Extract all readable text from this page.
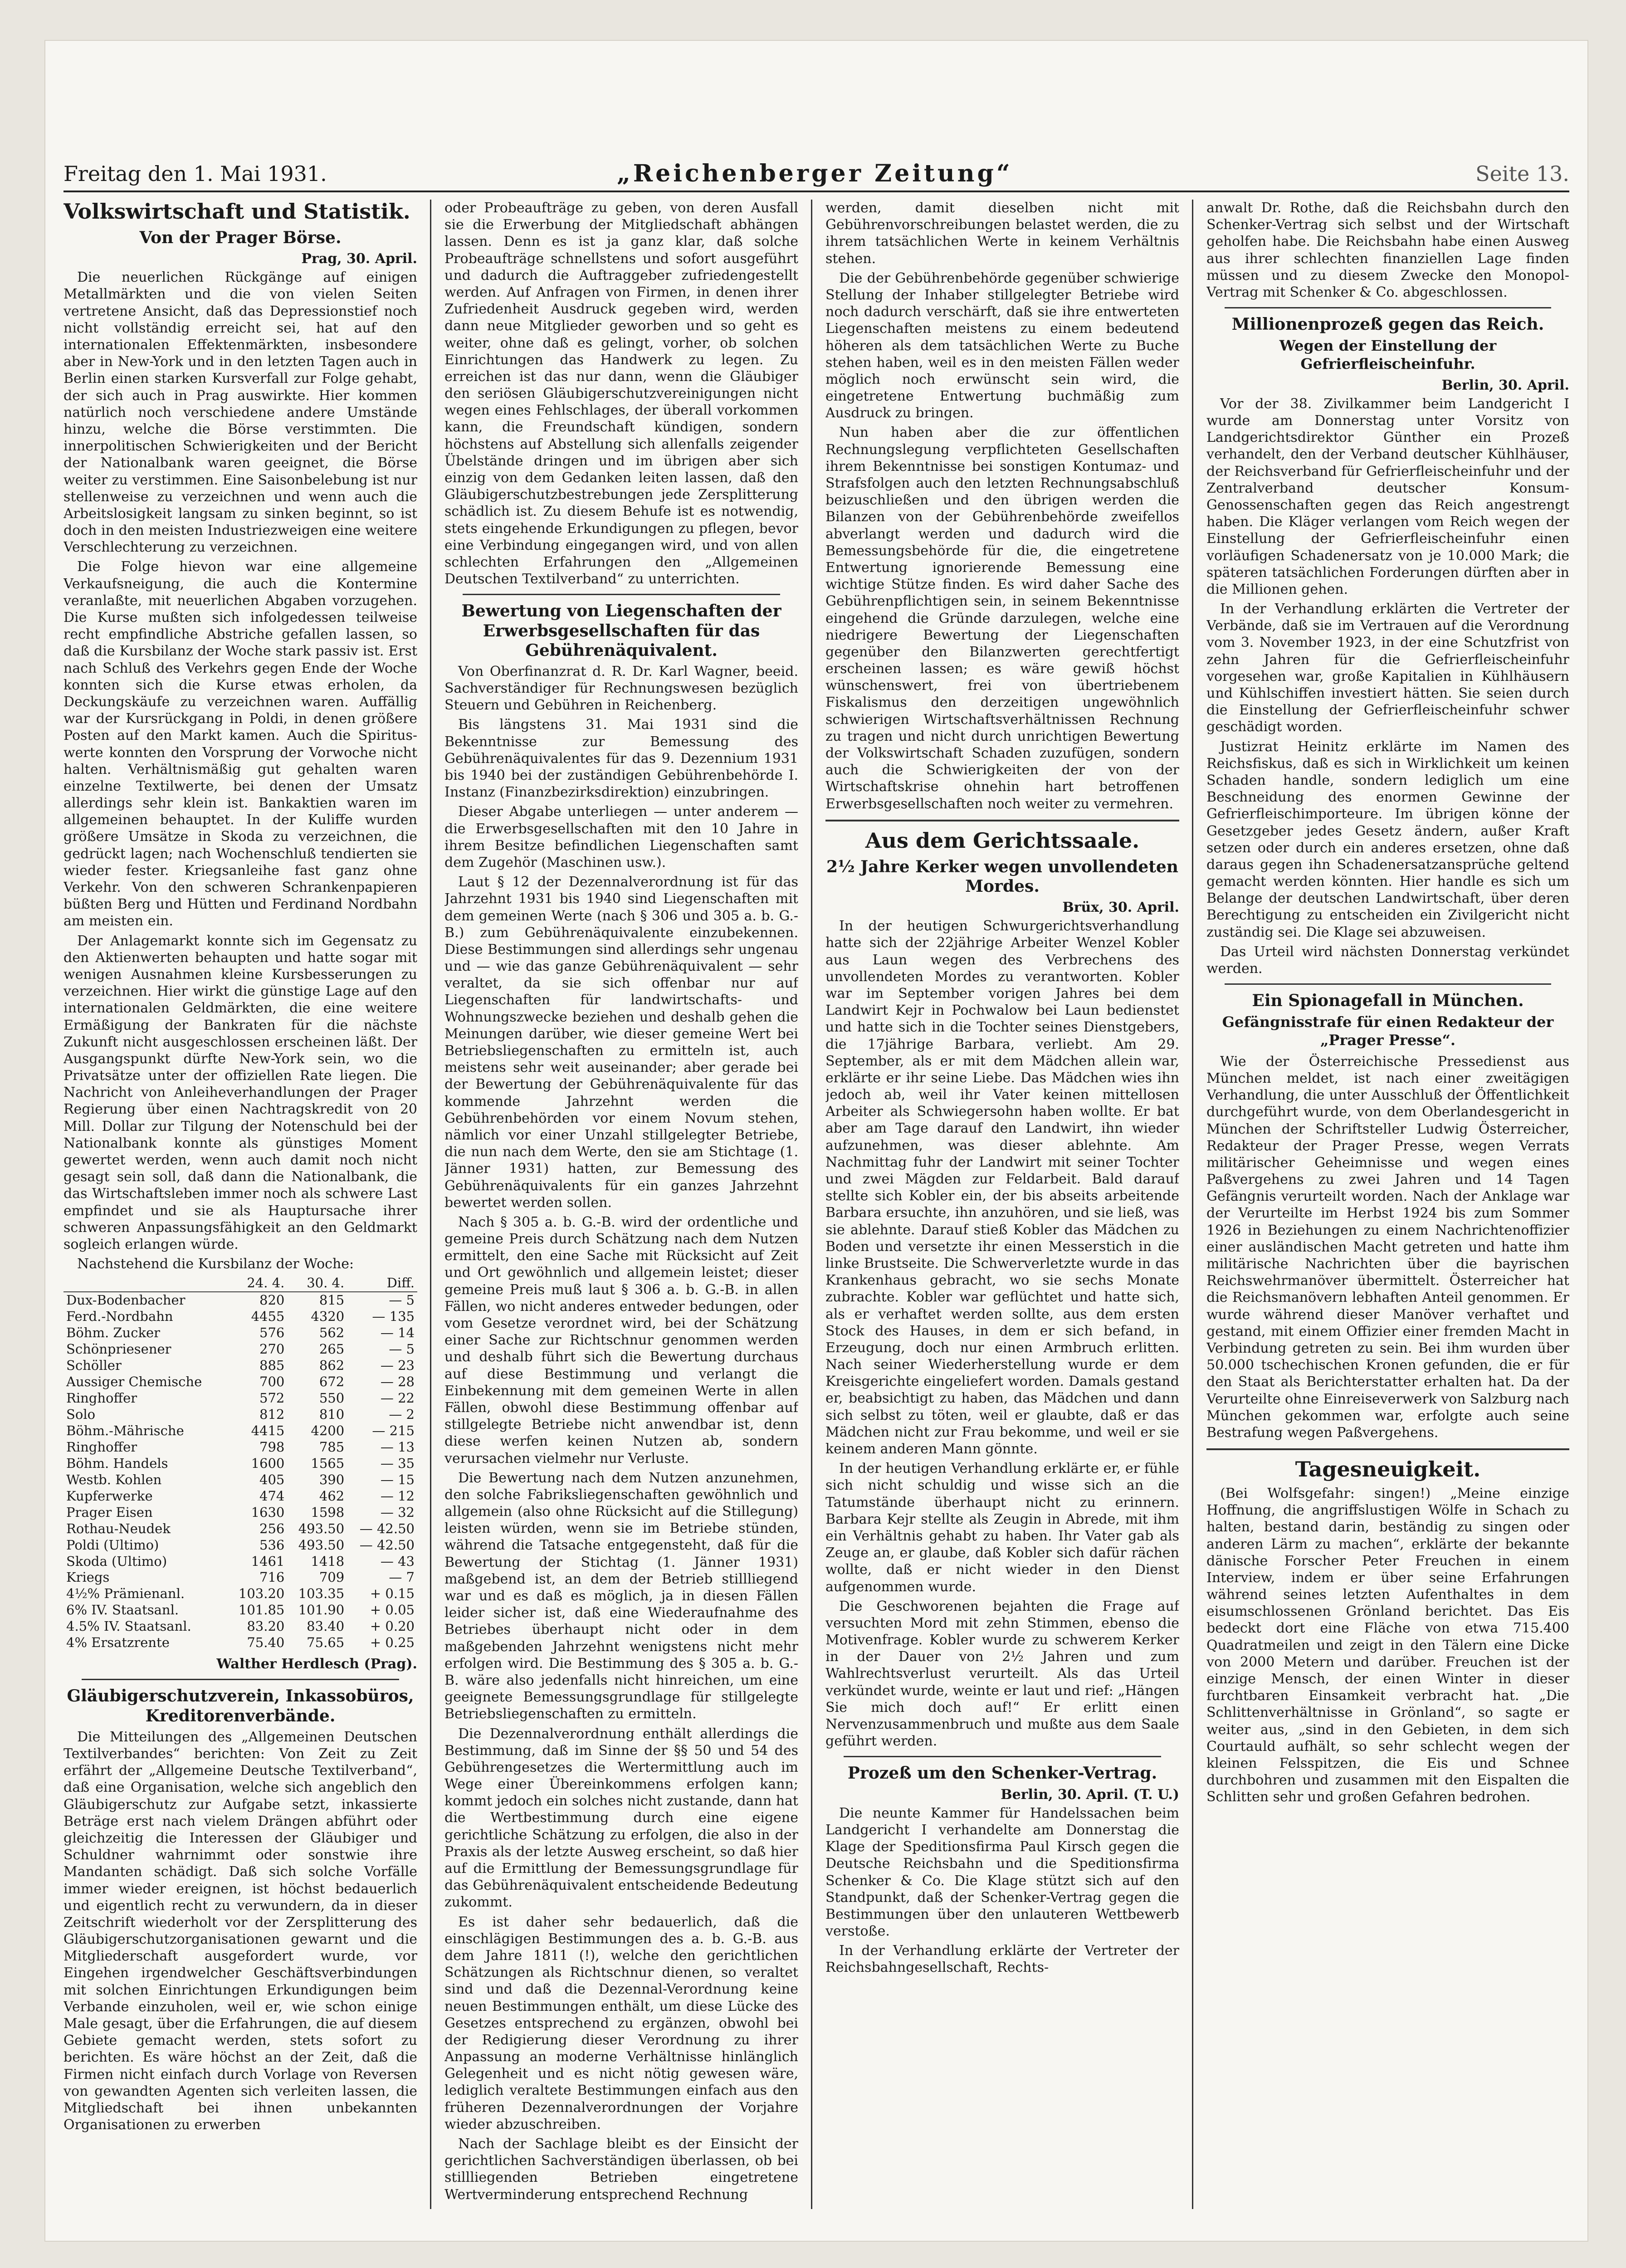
Freitag den 1. Mai 1931.	„Reichenberger Zeitung“	Seite 13.
Volkswirtschaft und Statistik.
Von der Prager Börse.
Prag, 30. April.

Die neuerlichen Rückgänge auf einigen Metallmärkten und die von vielen Seiten vertretene Ansicht, daß das Depressionstief noch nicht vollständig erreicht sei, hat auf den internationalen Effektenmärkten, insbesondere aber in New-York und in den letzten Tagen auch in Berlin einen starken Kursverfall zur Folge gehabt, der sich auch in Prag auswirkte. Hier kommen natürlich noch verschiedene andere Umstände hinzu, welche die Börse verstimmten. Die innerpolitischen Schwierigkeiten und der Bericht der Nationalbank waren geeignet, die Börse weiter zu verstimmen. Eine Saisonbelebung ist nur stellenweise zu verzeichnen und wenn auch die Arbeitslosigkeit langsam zu sinken beginnt, so ist doch in den meisten Industriezweigen eine weitere Verschlechterung zu verzeichnen.

Die Folge hievon war eine allgemeine Verkaufsneigung, die auch die Kontermine veranlaßte, mit neuerlichen Abgaben vorzugehen. Die Kurse mußten sich infolgedessen teilweise recht empfindliche Abstriche gefallen lassen, so daß die Kursbilanz der Woche stark passiv ist. Erst nach Schluß des Verkehrs gegen Ende der Woche konnten sich die Kurse etwas erholen, da Deckungskäufe zu verzeichnen waren. Auffällig war der Kursrückgang in Poldi, in denen größere Posten auf den Markt kamen. Auch die Spiritus-werte konnten den Vorsprung der Vorwoche nicht halten. Verhältnismäßig gut gehalten waren einzelne Textilwerte, bei denen der Umsatz allerdings sehr klein ist. Bankaktien waren im allgemeinen behauptet. In der Kuliffe wurden größere Umsätze in Skoda zu verzeichnen, die gedrückt lagen; nach Wochenschluß tendierten sie wieder fester. Kriegsanleihe fast ganz ohne Verkehr. Von den schweren Schrankenpapieren büßten Berg und Hütten und Ferdinand Nordbahn am meisten ein.

Der Anlagemarkt konnte sich im Gegensatz zu den Aktienwerten behaupten und hatte sogar mit wenigen Ausnahmen kleine Kursbesserungen zu verzeichnen. Hier wirkt die günstige Lage auf den internationalen Geldmärkten, die eine weitere Ermäßigung der Bankraten für die nächste Zukunft nicht ausgeschlossen erscheinen läßt. Der Ausgangspunkt dürfte New-York sein, wo die Privatsätze unter der offiziellen Rate liegen. Die Nachricht von Anleiheverhandlungen der Prager Regierung über einen Nachtragskredit von 20 Mill. Dollar zur Tilgung der Notenschuld bei der Nationalbank konnte als günstiges Moment gewertet werden, wenn auch damit noch nicht gesagt sein soll, daß dann die Nationalbank, die das Wirtschaftsleben immer noch als schwere Last empfindet und sie als Hauptursache ihrer schweren Anpassungsfähigkeit an den Geldmarkt sogleich erlangen würde.

Nachstehend die Kursbilanz der Woche:

	24. 4.	30. 4.	Diff.
Dux-Bodenbacher	820	815	— 5
Ferd.-Nordbahn	4455	4320	— 135
Böhm. Zucker	576	562	— 14
Schönpriesener	270	265	— 5
Schöller	885	862	— 23
Aussiger Chemische	700	672	— 28
Ringhoffer	572	550	— 22
Solo	812	810	— 2
Böhm.-Mährische	4415	4200	— 215
Ringhoffer	798	785	— 13
Böhm. Handels	1600	1565	— 35
Westb. Kohlen	405	390	— 15
Kupferwerke	474	462	— 12
Prager Eisen	1630	1598	— 32
Rothau-Neudek	256	493.50	— 42.50
Poldi (Ultimo)	536	493.50	— 42.50
Skoda (Ultimo)	1461	1418	— 43
Kriegs	716	709	— 7
4½% Prämienanl.	103.20	103.35	+ 0.15
6% IV. Staatsanl.	101.85	101.90	+ 0.05
4.5% IV. Staatsanl.	83.20	83.40	+ 0.20
4% Ersatzrente	75.40	75.65	+ 0.25
Walther Herdlesch (Prag).
Gläubigerschutzverein, Inkassobüros, Kreditorenverbände.

Die Mitteilungen des „Allgemeinen Deutschen Textilverbandes“ berichten: Von Zeit zu Zeit erfährt der „Allgemeine Deutsche Textilverband“, daß eine Organisation, welche sich angeblich den Gläubigerschutz zur Aufgabe setzt, inkassierte Beträge erst nach vielem Drängen abführt oder gleichzeitig die Interessen der Gläubiger und Schuldner wahrnimmt oder sonstwie ihre Mandanten schädigt. Daß sich solche Vorfälle immer wieder ereignen, ist höchst bedauerlich und eigentlich recht zu verwundern, da in dieser Zeitschrift wiederholt vor der Zersplitterung des Gläubigerschutzorganisationen gewarnt und die Mitgliederschaft ausgefordert wurde, vor Eingehen irgendwelcher Geschäftsverbindungen mit solchen Einrichtungen Erkundigungen beim Verbande einzuholen, weil er, wie schon einige Male gesagt, über die Erfahrungen, die auf diesem Gebiete gemacht werden, stets sofort zu berichten. Es wäre höchst an der Zeit, daß die Firmen nicht einfach durch Vorlage von Reversen von gewandten Agenten sich verleiten lassen, die Mitgliedschaft bei ihnen unbekannten Organisationen zu erwerben

oder Probeaufträge zu geben, von deren Ausfall sie die Erwerbung der Mitgliedschaft abhängen lassen. Denn es ist ja ganz klar, daß solche Probeaufträge schnellstens und sofort ausgeführt und dadurch die Auftraggeber zufriedengestellt werden. Auf Anfragen von Firmen, in denen ihrer Zufriedenheit Ausdruck gegeben wird, werden dann neue Mitglieder geworben und so geht es weiter, ohne daß es gelingt, vorher, ob solchen Einrichtungen das Handwerk zu legen. Zu erreichen ist das nur dann, wenn die Gläubiger den seriösen Gläubigerschutzvereinigungen nicht wegen eines Fehlschlages, der überall vorkommen kann, die Freundschaft kündigen, sondern höchstens auf Abstellung sich allenfalls zeigender Übelstände dringen und im übrigen aber sich einzig von dem Gedanken leiten lassen, daß den Gläubigerschutzbestrebungen jede Zersplitterung schädlich ist. Zu diesem Behufe ist es notwendig, stets eingehende Erkundigungen zu pflegen, bevor eine Verbindung eingegangen wird, und von allen schlechten Erfahrungen den „Allgemeinen Deutschen Textilverband“ zu unterrichten.

Bewertung von Liegenschaften der Erwerbsgesellschaften für das Gebührenäquivalent.

Von Oberfinanzrat d. R. Dr. Karl Wagner, beeid. Sachverständiger für Rechnungswesen bezüglich Steuern und Gebühren in Reichenberg.

Bis längstens 31. Mai 1931 sind die Bekenntnisse zur Bemessung des Gebührenäquivalentes für das 9. Dezennium 1931 bis 1940 bei der zuständigen Gebührenbehörde I. Instanz (Finanzbezirksdirektion) einzubringen.

Dieser Abgabe unterliegen — unter anderem — die Erwerbsgesellschaften mit den 10 Jahre in ihrem Besitze befindlichen Liegenschaften samt dem Zugehör (Maschinen usw.).

Laut § 12 der Dezennalverordnung ist für das Jahrzehnt 1931 bis 1940 sind Liegenschaften mit dem gemeinen Werte (nach § 306 und 305 a. b. G.-B.) zum Gebührenäquivalente einzubekennen. Diese Bestimmungen sind allerdings sehr ungenau und — wie das ganze Gebührenäquivalent — sehr veraltet, da sie sich offenbar nur auf Liegenschaften für landwirtschafts- und Wohnungszwecke beziehen und deshalb gehen die Meinungen darüber, wie dieser gemeine Wert bei Betriebsliegenschaften zu ermitteln ist, auch meistens sehr weit auseinander; aber gerade bei der Bewertung der Gebührenäquivalente für das kommende Jahrzehnt werden die Gebührenbehörden vor einem Novum stehen, nämlich vor einer Unzahl stillgelegter Betriebe, die nun nach dem Werte, den sie am Stichtage (1. Jänner 1931) hatten, zur Bemessung des Gebührenäquivalents für ein ganzes Jahrzehnt bewertet werden sollen.

Nach § 305 a. b. G.-B. wird der ordentliche und gemeine Preis durch Schätzung nach dem Nutzen ermittelt, den eine Sache mit Rücksicht auf Zeit und Ort gewöhnlich und allgemein leistet; dieser gemeine Preis muß laut § 306 a. b. G.-B. in allen Fällen, wo nicht anderes entweder bedungen, oder vom Gesetze verordnet wird, bei der Schätzung einer Sache zur Richtschnur genommen werden und deshalb führt sich die Bewertung durchaus auf diese Bestimmung und verlangt die Einbekennung mit dem gemeinen Werte in allen Fällen, obwohl diese Bestimmung offenbar auf stillgelegte Betriebe nicht anwendbar ist, denn diese werfen keinen Nutzen ab, sondern verursachen vielmehr nur Verluste.

Die Bewertung nach dem Nutzen anzunehmen, den solche Fabriksliegenschaften gewöhnlich und allgemein (also ohne Rücksicht auf die Stillegung) leisten würden, wenn sie im Betriebe stünden, während die Tatsache entgegensteht, daß für die Bewertung der Stichtag (1. Jänner 1931) maßgebend ist, an dem der Betrieb stillliegend war und es daß es möglich, ja in diesen Fällen leider sicher ist, daß eine Wiederaufnahme des Betriebes überhaupt nicht oder in dem maßgebenden Jahrzehnt wenigstens nicht mehr erfolgen wird. Die Bestimmung des § 305 a. b. G.-B. wäre also jedenfalls nicht hinreichen, um eine geeignete Bemessungsgrundlage für stillgelegte Betriebsliegenschaften zu ermitteln.

Die Dezennalverordnung enthält allerdings die Bestimmung, daß im Sinne der §§ 50 und 54 des Gebührengesetzes die Wertermittlung auch im Wege einer Übereinkommens erfolgen kann; kommt jedoch ein solches nicht zustande, dann hat die Wertbestimmung durch eine eigene gerichtliche Schätzung zu erfolgen, die also in der Praxis als der letzte Ausweg erscheint, so daß hier auf die Ermittlung der Bemessungsgrundlage für das Gebührenäquivalent entscheidende Bedeutung zukommt.

Es ist daher sehr bedauerlich, daß die einschlägigen Bestimmungen des a. b. G.-B. aus dem Jahre 1811 (!), welche den gerichtlichen Schätzungen als Richtschnur dienen, so veraltet sind und daß die Dezennal-Verordnung keine neuen Bestimmungen enthält, um diese Lücke des Gesetzes entsprechend zu ergänzen, obwohl bei der Redigierung dieser Verordnung zu ihrer Anpassung an moderne Verhältnisse hinlänglich Gelegenheit und es nicht nötig gewesen wäre, lediglich veraltete Bestimmungen einfach aus den früheren Dezennalverordnungen der Vorjahre wieder abzuschreiben.

Nach der Sachlage bleibt es der Einsicht der gerichtlichen Sachverständigen überlassen, ob bei stillliegenden Betrieben eingetretene Wertverminderung entsprechend Rechnung

werden, damit dieselben nicht mit Gebührenvorschreibungen belastet werden, die zu ihrem tatsächlichen Werte in keinem Verhältnis stehen.

Die der Gebührenbehörde gegenüber schwierige Stellung der Inhaber stillgelegter Betriebe wird noch dadurch verschärft, daß sie ihre entwerteten Liegenschaften meistens zu einem bedeutend höheren als dem tatsächlichen Werte zu Buche stehen haben, weil es in den meisten Fällen weder möglich noch erwünscht sein wird, die eingetretene Entwertung buchmäßig zum Ausdruck zu bringen.

Nun haben aber die zur öffentlichen Rechnungslegung verpflichteten Gesellschaften ihrem Bekenntnisse bei sonstigen Kontumaz- und Strafsfolgen auch den letzten Rechnungsabschluß beizuschließen und den übrigen werden die Bilanzen von der Gebührenbehörde zweifellos abverlangt werden und dadurch wird die Bemessungsbehörde für die, die eingetretene Entwertung ignorierende Bemessung eine wichtige Stütze finden. Es wird daher Sache des Gebührenpflichtigen sein, in seinem Bekenntnisse eingehend die Gründe darzulegen, welche eine niedrigere Bewertung der Liegenschaften gegenüber den Bilanzwerten gerechtfertigt erscheinen lassen; es wäre gewiß höchst wünschenswert, frei von übertriebenem Fiskalismus den derzeitigen ungewöhnlich schwierigen Wirtschaftsverhältnissen Rechnung zu tragen und nicht durch unrichtigen Bewertung der Volkswirtschaft Schaden zuzufügen, sondern auch die Schwierigkeiten der von der Wirtschaftskrise ohnehin hart betroffenen Erwerbsgesellschaften noch weiter zu vermehren.

Aus dem Gerichtssaale.
2½ Jahre Kerker wegen unvollendeten Mordes.
Brüx, 30. April.

In der heutigen Schwurgerichtsverhandlung hatte sich der 22jährige Arbeiter Wenzel Kobler aus Laun wegen des Verbrechens des unvollendeten Mordes zu verantworten. Kobler war im September vorigen Jahres bei dem Landwirt Kejr in Pochwalow bei Laun bedienstet und hatte sich in die Tochter seines Dienstgebers, die 17jährige Barbara, verliebt. Am 29. September, als er mit dem Mädchen allein war, erklärte er ihr seine Liebe. Das Mädchen wies ihn jedoch ab, weil ihr Vater keinen mittellosen Arbeiter als Schwiegersohn haben wollte. Er bat aber am Tage darauf den Landwirt, ihn wieder aufzunehmen, was dieser ablehnte. Am Nachmittag fuhr der Landwirt mit seiner Tochter und zwei Mägden zur Feldarbeit. Bald darauf stellte sich Kobler ein, der bis abseits arbeitende Barbara ersuchte, ihn anzuhören, und sie ließ, was sie ablehnte. Darauf stieß Kobler das Mädchen zu Boden und versetzte ihr einen Messerstich in die linke Brustseite. Die Schwerverletzte wurde in das Krankenhaus gebracht, wo sie sechs Monate zubrachte. Kobler war geflüchtet und hatte sich, als er verhaftet werden sollte, aus dem ersten Stock des Hauses, in dem er sich befand, in Erzeugung, doch nur einen Armbruch erlitten. Nach seiner Wiederherstellung wurde er dem Kreisgerichte eingeliefert worden. Damals gestand er, beabsichtigt zu haben, das Mädchen und dann sich selbst zu töten, weil er glaubte, daß er das Mädchen nicht zur Frau bekomme, und weil er sie keinem anderen Mann gönnte.

In der heutigen Verhandlung erklärte er, er fühle sich nicht schuldig und wisse sich an die Tatumstände überhaupt nicht zu erinnern. Barbara Kejr stellte als Zeugin in Abrede, mit ihm ein Verhältnis gehabt zu haben. Ihr Vater gab als Zeuge an, er glaube, daß Kobler sich dafür rächen wollte, daß er nicht wieder in den Dienst aufgenommen wurde.

Die Geschworenen bejahten die Frage auf versuchten Mord mit zehn Stimmen, ebenso die Motivenfrage. Kobler wurde zu schwerem Kerker in der Dauer von 2½ Jahren und zum Wahlrechtsverlust verurteilt. Als das Urteil verkündet wurde, weinte er laut und rief: „Hängen Sie mich doch auf!“ Er erlitt einen Nervenzusammenbruch und mußte aus dem Saale geführt werden.

Prozeß um den Schenker-Vertrag.
Berlin, 30. April. (T. U.)

Die neunte Kammer für Handelssachen beim Landgericht I verhandelte am Donnerstag die Klage der Speditionsfirma Paul Kirsch gegen die Deutsche Reichsbahn und die Speditionsfirma Schenker & Co. Die Klage stützt sich auf den Standpunkt, daß der Schenker-Vertrag gegen die Bestimmungen über den unlauteren Wettbewerb verstoße.

In der Verhandlung erklärte der Vertreter der Reichsbahngesellschaft, Rechts-

anwalt Dr. Rothe, daß die Reichsbahn durch den Schenker-Vertrag sich selbst und der Wirtschaft geholfen habe. Die Reichsbahn habe einen Ausweg aus ihrer schlechten finanziellen Lage finden müssen und zu diesem Zwecke den Monopol-Vertrag mit Schenker & Co. abgeschlossen.

Millionenprozeß gegen das Reich.
Wegen der Einstellung der Gefrierfleischeinfuhr.
Berlin, 30. April.

Vor der 38. Zivilkammer beim Landgericht I wurde am Donnerstag unter Vorsitz von Landgerichtsdirektor Günther ein Prozeß verhandelt, den der Verband deutscher Kühlhäuser, der Reichsverband für Gefrierfleischeinfuhr und der Zentralverband deutscher Konsum-Genossenschaften gegen das Reich angestrengt haben. Die Kläger verlangen vom Reich wegen der Einstellung der Gefrierfleischeinfuhr einen vorläufigen Schadenersatz von je 10.000 Mark; die späteren tatsächlichen Forderungen dürften aber in die Millionen gehen.

In der Verhandlung erklärten die Vertreter der Verbände, daß sie im Vertrauen auf die Verordnung vom 3. November 1923, in der eine Schutzfrist von zehn Jahren für die Gefrierfleischeinfuhr vorgesehen war, große Kapitalien in Kühlhäusern und Kühlschiffen investiert hätten. Sie seien durch die Einstellung der Gefrierfleischeinfuhr schwer geschädigt worden.

Justizrat Heinitz erklärte im Namen des Reichsfiskus, daß es sich in Wirklichkeit um keinen Schaden handle, sondern lediglich um eine Beschneidung des enormen Gewinne der Gefrierfleischimporteure. Im übrigen könne der Gesetzgeber jedes Gesetz ändern, außer Kraft setzen oder durch ein anderes ersetzen, ohne daß daraus gegen ihn Schadenersatzansprüche geltend gemacht werden könnten. Hier handle es sich um Belange der deutschen Landwirtschaft, über deren Berechtigung zu entscheiden ein Zivilgericht nicht zuständig sei. Die Klage sei abzuweisen.

Das Urteil wird nächsten Donnerstag verkündet werden.

Ein Spionagefall in München.
Gefängnisstrafe für einen Redakteur der „Prager Presse“.

Wie der Österreichische Pressedienst aus München meldet, ist nach einer zweitägigen Verhandlung, die unter Ausschluß der Öffentlichkeit durchgeführt wurde, von dem Oberlandesgericht in München der Schriftsteller Ludwig Österreicher, Redakteur der Prager Presse, wegen Verrats militärischer Geheimnisse und wegen eines Paßvergehens zu zwei Jahren und 14 Tagen Gefängnis verurteilt worden. Nach der Anklage war der Verurteilte im Herbst 1924 bis zum Sommer 1926 in Beziehungen zu einem Nachrichtenoffizier einer ausländischen Macht getreten und hatte ihm militärische Nachrichten über die bayrischen Reichswehrmanöver übermittelt. Österreicher hat die Reichsmanövern lebhaften Anteil genommen. Er wurde während dieser Manöver verhaftet und gestand, mit einem Offizier einer fremden Macht in Verbindung getreten zu sein. Bei ihm wurden über 50.000 tschechischen Kronen gefunden, die er für den Staat als Berichterstatter erhalten hat. Da der Verurteilte ohne Einreiseverwerk von Salzburg nach München gekommen war, erfolgte auch seine Bestrafung wegen Paßvergehens.

Tagesneuigkeit.

(Bei Wolfsgefahr: singen!) „Meine einzige Hoffnung, die angriffslustigen Wölfe in Schach zu halten, bestand darin, beständig zu singen oder anderen Lärm zu machen“, erklärte der bekannte dänische Forscher Peter Freuchen in einem Interview, indem er über seine Erfahrungen während seines letzten Aufenthaltes in dem eisumschlossenen Grönland berichtet. Das Eis bedeckt dort eine Fläche von etwa 715.400 Quadratmeilen und zeigt in den Tälern eine Dicke von 2000 Metern und darüber. Freuchen ist der einzige Mensch, der einen Winter in dieser furchtbaren Einsamkeit verbracht hat. „Die Schlittenverhältnisse in Grönland“, so sagte er weiter aus, „sind in den Gebieten, in dem sich Courtauld aufhält, so sehr schlecht wegen der kleinen Felsspitzen, die Eis und Schnee durchbohren und zusammen mit den Eispalten die Schlitten sehr und großen Gefahren bedrohen.
